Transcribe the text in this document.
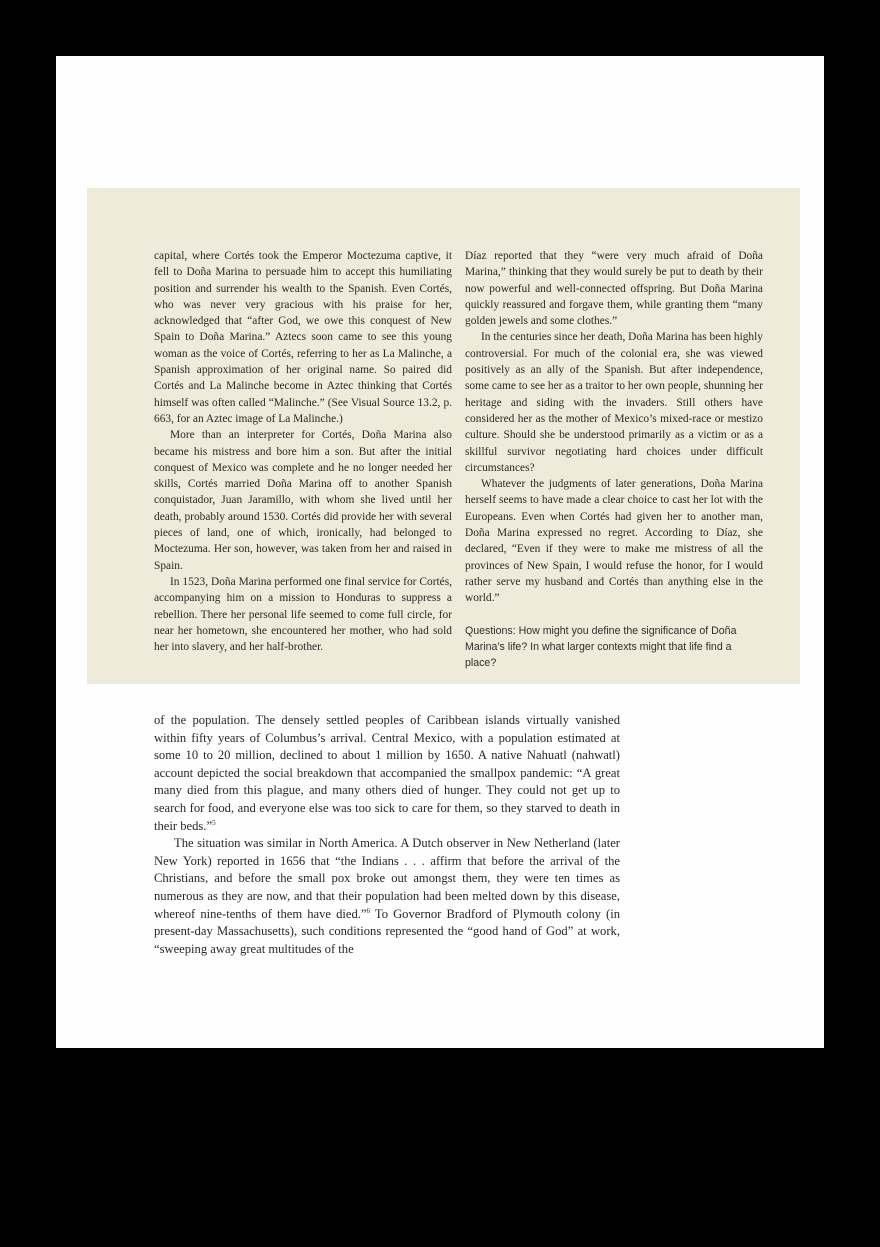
capital, where Cortés took the Emperor Moctezuma captive, it fell to Doña Marina to persuade him to accept this humiliating position and surrender his wealth to the Spanish. Even Cortés, who was never very gracious with his praise for her, acknowledged that “after God, we owe this conquest of New Spain to Doña Marina.” Aztecs soon came to see this young woman as the voice of Cortés, referring to her as La Malinche, a Spanish approximation of her original name. So paired did Cortés and La Malinche become in Aztec thinking that Cortés himself was often called “Malinche.” (See Visual Source 13.2, p. 663, for an Aztec image of La Malinche.)

More than an interpreter for Cortés, Doña Marina also became his mistress and bore him a son. But after the initial conquest of Mexico was complete and he no longer needed her skills, Cortés married Doña Marina off to another Spanish conquistador, Juan Jaramillo, with whom she lived until her death, probably around 1530. Cortés did provide her with several pieces of land, one of which, ironically, had belonged to Moctezuma. Her son, however, was taken from her and raised in Spain.

In 1523, Doña Marina performed one final service for Cortés, accompanying him on a mission to Honduras to suppress a rebellion. There her personal life seemed to come full circle, for near her hometown, she encountered her mother, who had sold her into slavery, and her half-brother.

Díaz reported that they “were very much afraid of Doña Marina,” thinking that they would surely be put to death by their now powerful and well-connected offspring. But Doña Marina quickly reassured and forgave them, while granting them “many golden jewels and some clothes.”

In the centuries since her death, Doña Marina has been highly controversial. For much of the colonial era, she was viewed positively as an ally of the Spanish. But after independence, some came to see her as a traitor to her own people, shunning her heritage and siding with the invaders. Still others have considered her as the mother of Mexico’s mixed-race or mestizo culture. Should she be understood primarily as a victim or as a skillful survivor negotiating hard choices under difficult circumstances?

Whatever the judgments of later generations, Doña Marina herself seems to have made a clear choice to cast her lot with the Europeans. Even when Cortés had given her to another man, Doña Marina expressed no regret. According to Díaz, she declared, “Even if they were to make me mistress of all the provinces of New Spain, I would refuse the honor, for I would rather serve my husband and Cortés than anything else in the world.”

Questions: How might you define the significance of Doña Marina’s life? In what larger contexts might that life find a place?

of the population. The densely settled peoples of Caribbean islands virtually vanished within fifty years of Columbus’s arrival. Central Mexico, with a population estimated at some 10 to 20 million, declined to about 1 million by 1650. A native Nahuatl (nahwatl) account depicted the social breakdown that accompanied the smallpox pandemic: “A great many died from this plague, and many others died of hunger. They could not get up to search for food, and everyone else was too sick to care for them, so they starved to death in their beds.”$^5$

The situation was similar in North America. A Dutch observer in New Netherland (later New York) reported in 1656 that “the Indians . . . affirm that before the arrival of the Christians, and before the small pox broke out amongst them, they were ten times as numerous as they are now, and that their population had been melted down by this disease, whereof nine-tenths of them have died.”$^6$ To Governor Bradford of Plymouth colony (in present-day Massachusetts), such conditions represented the “good hand of God” at work, “sweeping away great multitudes of the
